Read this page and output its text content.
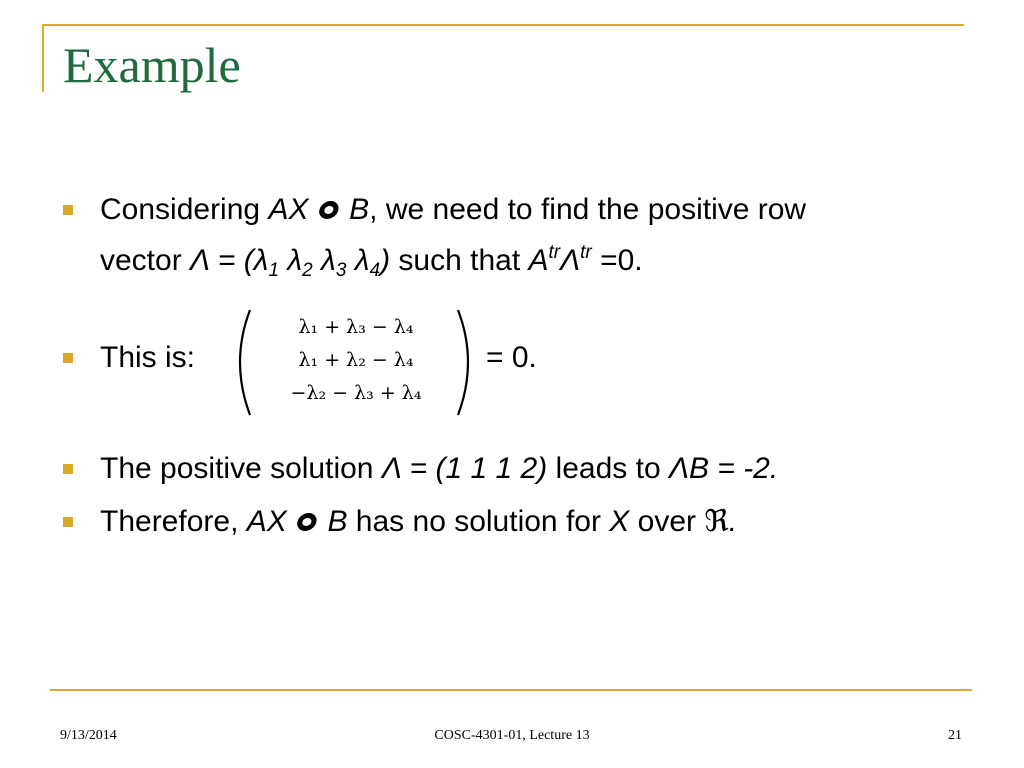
Example
Considering AX B, we need to find the positive row
vector $\Lambda = (\lambda_1$ $\lambda_2$ $\lambda_3$ $\lambda_4$) such that $A^{tr}\Lambda^{tr} =0$.
This is:
λ₁ + λ₃ − λ₄
λ₁ + λ₂ − λ₄
−λ₂ − λ₃ + λ₄
= 0.
The positive solution Λ = (1 1 1 2) leads to ΛB = -2.
Therefore, AX  B has no solution for X over ℜ.
9/13/2014	COSC-4301-01, Lecture 13	21
